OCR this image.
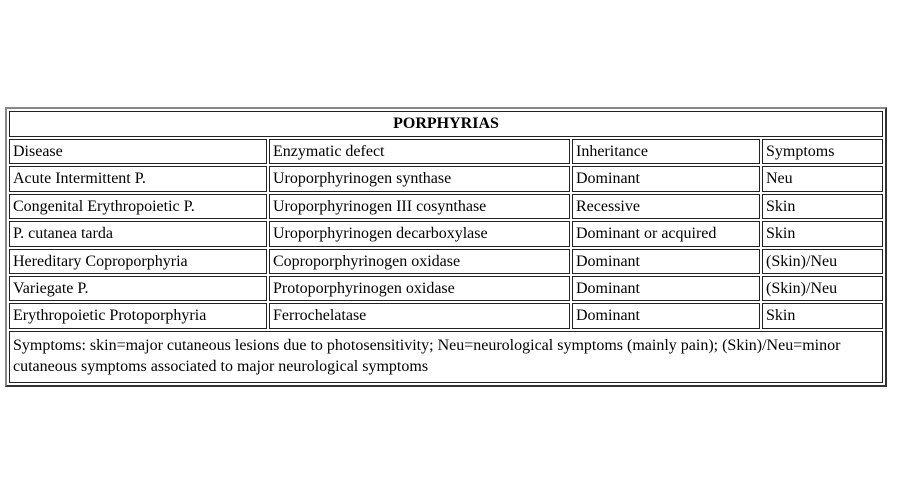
PORPHYRIAS			
Disease	Enzymatic defect	Inheritance	Symptoms
Acute Intermittent P.	Uroporphyrinogen synthase	Dominant	Neu
Congenital Erythropoietic P.	Uroporphyrinogen III cosynthase	Recessive	Skin
P. cutanea tarda	Uroporphyrinogen decarboxylase	Dominant or acquired	Skin
Hereditary Coproporphyria	Coproporphyrinogen oxidase	Dominant	(Skin)/Neu
Variegate P.	Protoporphyrinogen oxidase	Dominant	(Skin)/Neu
Erythropoietic Protoporphyria	Ferrochelatase	Dominant	Skin
Symptoms: skin=major cutaneous lesions due to photosensitivity; Neu=neurological symptoms (mainly pain); (Skin)/Neu=minor cutaneous symptoms associated to major neurological symptoms			
